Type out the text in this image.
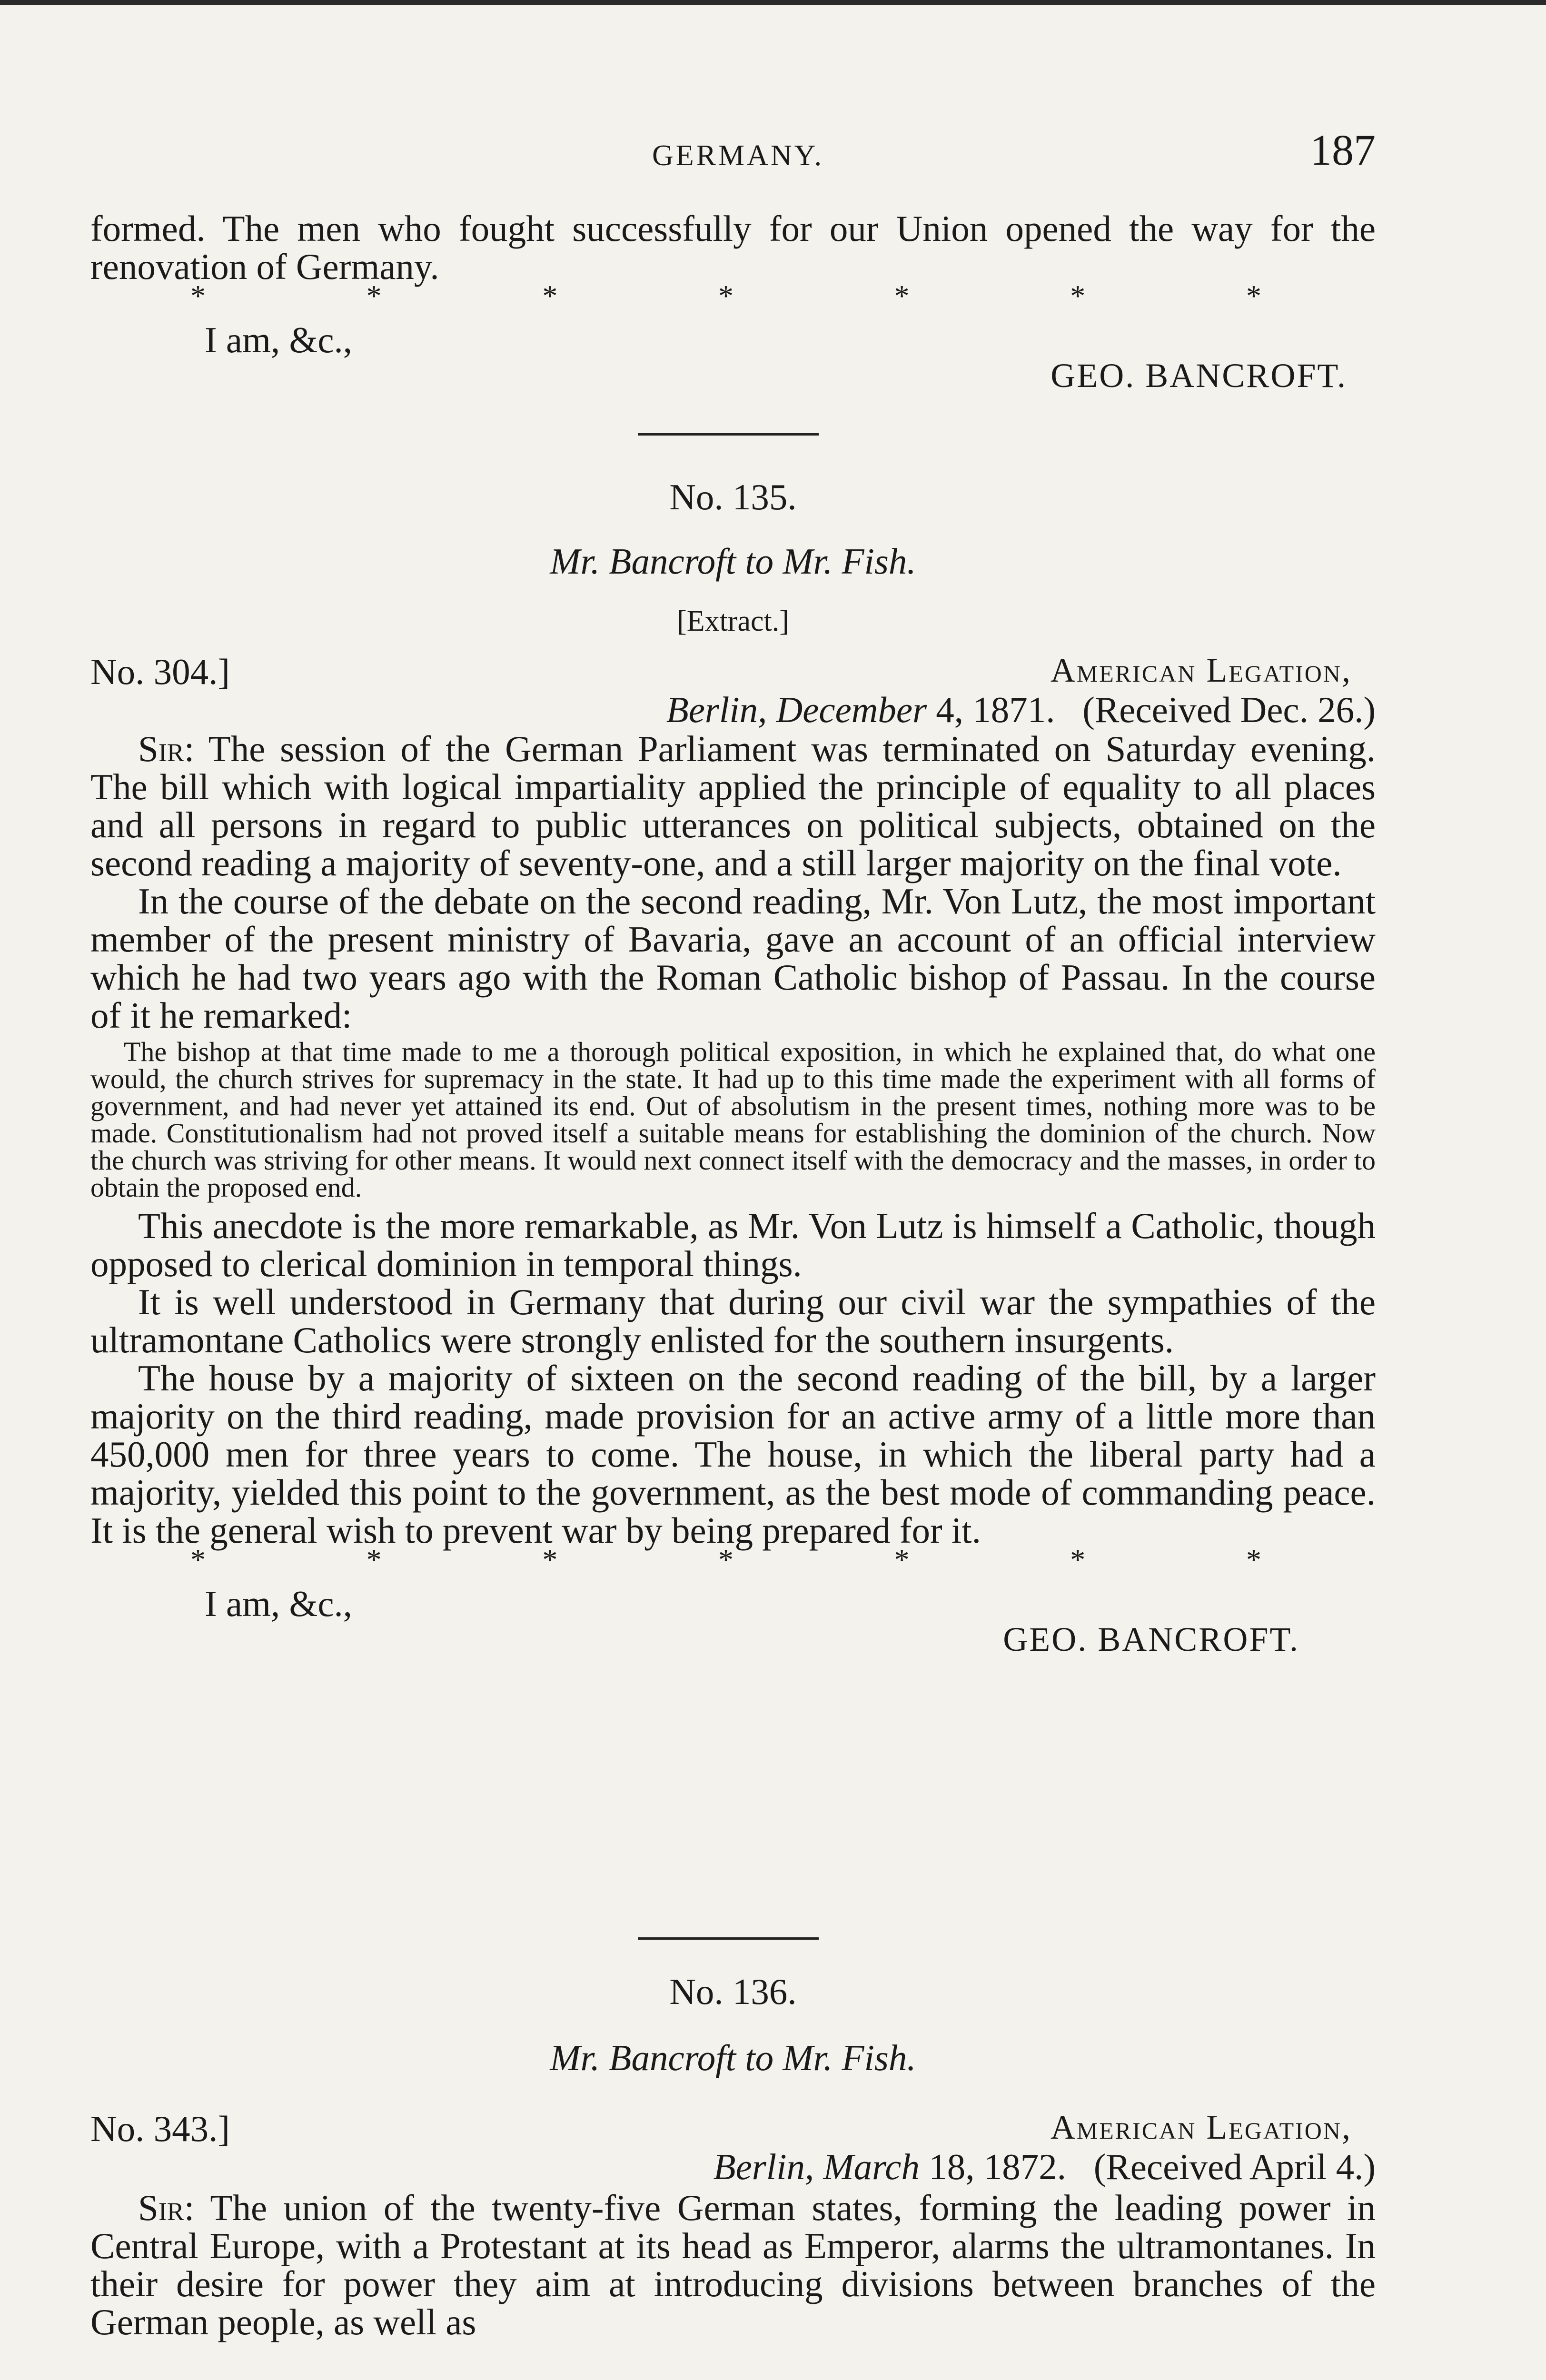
GERMANY.	187

formed. The men who fought successfully for our Union opened the way for the renovation of Germany.

*	*	*	*	*	*	*

I am, &c.,

GEO. BANCROFT.

No. 135.

Mr. Bancroft to Mr. Fish.

[Extract.]

No. 304.]	American Legation,
Berlin, December 4, 1871. (Received Dec. 26.)

Sir: The session of the German Parliament was terminated on Saturday evening. The bill which with logical impartiality applied the principle of equality to all places and all persons in regard to public utterances on political subjects, obtained on the second reading a majority of seventy-one, and a still larger majority on the final vote.

In the course of the debate on the second reading, Mr. Von Lutz, the most important member of the present ministry of Bavaria, gave an account of an official interview which he had two years ago with the Roman Catholic bishop of Passau. In the course of it he remarked:

The bishop at that time made to me a thorough political exposition, in which he explained that, do what one would, the church strives for supremacy in the state. It had up to this time made the experiment with all forms of government, and had never yet attained its end. Out of absolutism in the present times, nothing more was to be made. Constitutionalism had not proved itself a suitable means for establishing the dominion of the church. Now the church was striving for other means. It would next connect itself with the democracy and the masses, in order to obtain the proposed end.

This anecdote is the more remarkable, as Mr. Von Lutz is himself a Catholic, though opposed to clerical dominion in temporal things.

It is well understood in Germany that during our civil war the sympathies of the ultramontane Catholics were strongly enlisted for the southern insurgents.

The house by a majority of sixteen on the second reading of the bill, by a larger majority on the third reading, made provision for an active army of a little more than 450,000 men for three years to come. The house, in which the liberal party had a majority, yielded this point to the government, as the best mode of commanding peace. It is the general wish to prevent war by being prepared for it.

*	*	*	*	*	*	*

I am, &c.,

GEO. BANCROFT.

No. 136.

Mr. Bancroft to Mr. Fish.

No. 343.]	American Legation,
Berlin, March 18, 1872. (Received April 4.)

Sir: The union of the twenty-five German states, forming the leading power in Central Europe, with a Protestant at its head as Emperor, alarms the ultramontanes. In their desire for power they aim at introducing divisions between branches of the German people, as well as
